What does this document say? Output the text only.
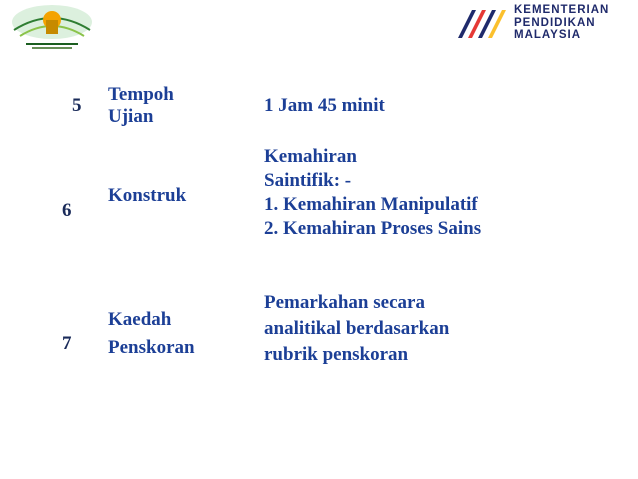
KEMENTERIAN
PENDIDIKAN
MALAYSIA
5
Tempoh
Ujian
1 Jam 45 minit
6
Konstruk
Kemahiran
Saintifik: -
1. Kemahiran Manipulatif
2. Kemahiran Proses Sains
7
Kaedah
Penskoran
Pemarkahan secara
analitikal berdasarkan
rubrik penskoran
